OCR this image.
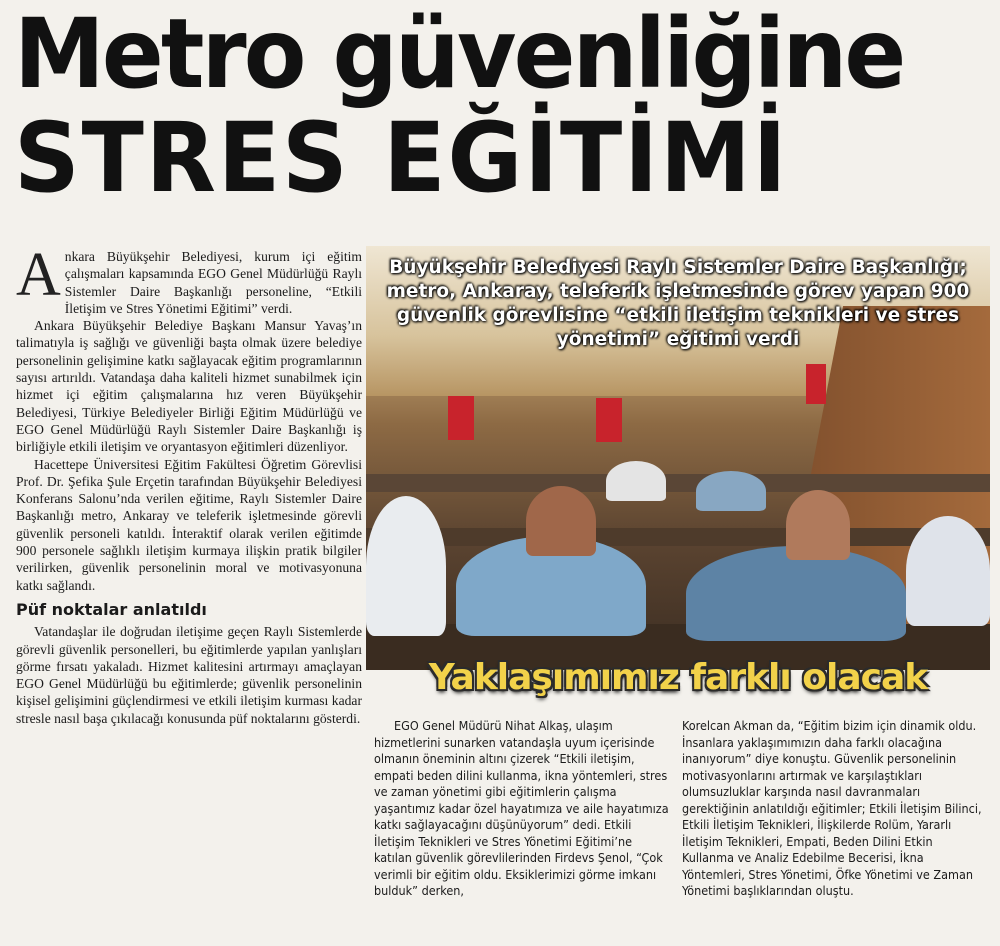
Metro güvenliğine
STRES EĞİTİMİ

Ankara Büyükşehir Belediyesi, kurum içi eğitim çalışmaları kapsamında EGO Genel Müdürlüğü Raylı Sistemler Daire Başkanlığı personeline, “Etkili İletişim ve Stres Yönetimi Eğitimi” verdi.

Ankara Büyükşehir Belediye Başkanı Mansur Yavaş’ın talimatıyla iş sağlığı ve güvenliği başta olmak üzere belediye personelinin gelişimine katkı sağlayacak eğitim programlarının sayısı artırıldı. Vatandaşa daha kaliteli hizmet sunabilmek için hizmet içi eğitim çalışmalarına hız veren Büyükşehir Belediyesi, Türkiye Belediyeler Birliği Eğitim Müdürlüğü ve EGO Genel Müdürlüğü Raylı Sistemler Daire Başkanlığı iş birliğiyle etkili iletişim ve oryantasyon eğitimleri düzenliyor.

Hacettepe Üniversitesi Eğitim Fakültesi Öğretim Görevlisi Prof. Dr. Şefika Şule Erçetin tarafından Büyükşehir Belediyesi Konferans Salonu’nda verilen eğitime, Raylı Sistemler Daire Başkanlığı metro, Ankaray ve teleferik işletmesinde görevli güvenlik personeli katıldı. İnteraktif olarak verilen eğitimde 900 personele sağlıklı iletişim kurmaya ilişkin pratik bilgiler verilirken, güvenlik personelinin moral ve motivasyonuna katkı sağlandı.

Püf noktalar anlatıldı

Vatandaşlar ile doğrudan iletişime geçen Raylı Sistemlerde görevli güvenlik personelleri, bu eğitimlerde yapılan yanlışları görme fırsatı yakaladı. Hizmet kalitesini artırmayı amaçlayan EGO Genel Müdürlüğü bu eğitimlerde; güvenlik personelinin kişisel gelişimini güçlendirmesi ve etkili iletişim kurması kadar stresle nasıl başa çıkılacağı konusunda püf noktalarını gösterdi.

Büyükşehir Belediyesi Raylı Sistemler Daire Başkanlığı; metro, Ankaray, teleferik işletmesinde görev yapan 900 güvenlik görevlisine “etkili iletişim teknikleri ve stres yönetimi” eğitimi verdi
Yaklaşımımız farklı olacak

EGO Genel Müdürü Nihat Alkaş, ulaşım hizmetlerini sunarken vatandaşla uyum içerisinde olmanın öneminin altını çizerek “Etkili iletişim, empati beden dilini kullanma, ikna yöntemleri, stres ve zaman yönetimi gibi eğitimlerin çalışma yaşantımız kadar özel hayatımıza ve aile hayatımıza katkı sağlayacağını düşünüyorum” dedi. Etkili İletişim Teknikleri ve Stres Yönetimi Eğitimi’ne katılan güvenlik görevlilerinden Firdevs Şenol, “Çok verimli bir eğitim oldu. Eksiklerimizi görme imkanı bulduk” derken,

Korelcan Akman da, “Eğitim bizim için dinamik oldu. İnsanlara yaklaşımımızın daha farklı olacağına inanıyorum” diye konuştu. Güvenlik personelinin motivasyonlarını artırmak ve karşılaştıkları olumsuzluklar karşında nasıl davranmaları gerektiğinin anlatıldığı eğitimler; Etkili İletişim Bilinci, Etkili İletişim Teknikleri, İlişkilerde Rolüm, Yararlı İletişim Teknikleri, Empati, Beden Dilini Etkin Kullanma ve Analiz Edebilme Becerisi, İkna Yöntemleri, Stres Yönetimi, Öfke Yönetimi ve Zaman Yönetimi başlıklarından oluştu.
